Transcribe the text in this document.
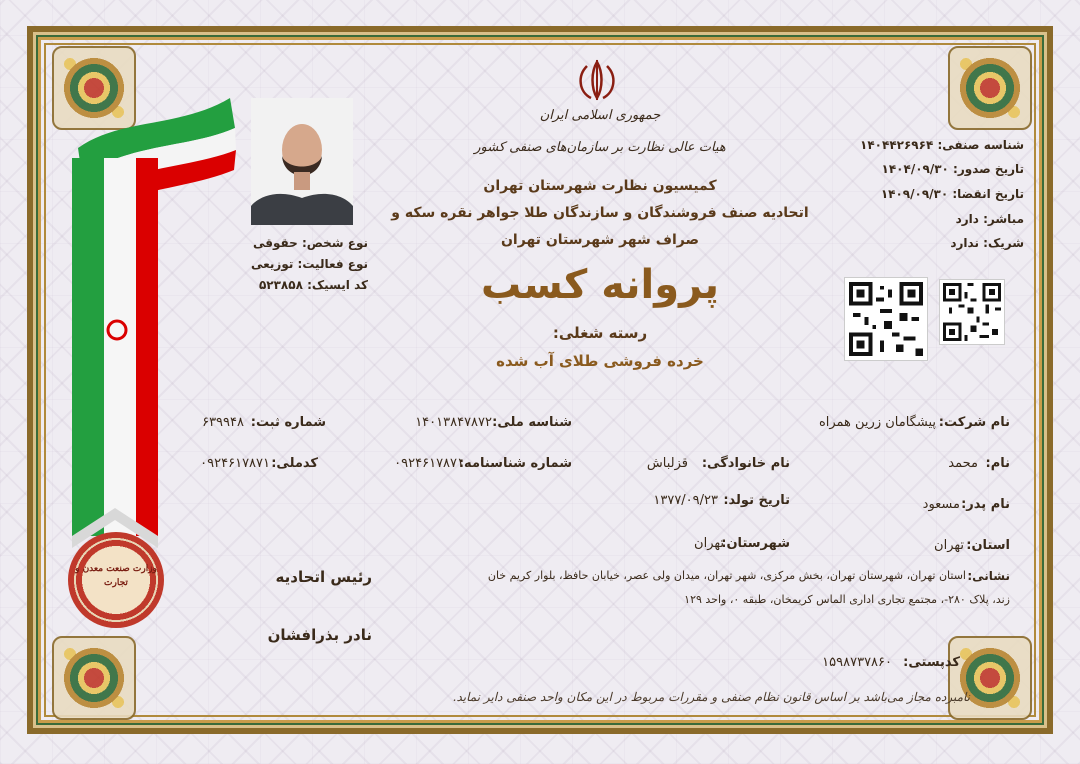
وزارت صنعت معدن و تجارت
جمهوری اسلامی ایران
هیات عالی نظارت بر سازمان‌های صنفی کشور
کمیسیون نظارت شهرستان تهران
اتحادیه صنف فروشندگان و سازندگان طلا جواهر نقره سکه و
صراف شهر شهرستان تهران
پروانه کسب
رسته شغلی:
خرده فروشی طلای آب شده
نوع شخص: حقوقی
نوع فعالیت: توزیعی
کد ایسیک: ۵۲۳۸۵۸
شناسه صنفی: ۱۴۰۴۴۲۶۹۶۴
تاریخ صدور: ۱۴۰۴/۰۹/۳۰
تاریخ انقضا: ۱۴۰۹/۰۹/۳۰
مباشر: دارد
شریک: ندارد
نام شرکت:
پیشگامان زرین همراه
شناسه ملی:
۱۴۰۱۳۸۴۷۸۷۲
شماره ثبت:
۶۳۹۹۴۸
نام:
محمد
نام خانوادگی:
قزلباش
شماره شناسنامه:
۰۹۲۴۶۱۷۸۷۱
کدملی:
۰۹۲۴۶۱۷۸۷۱
نام پدر:
مسعود
تاریخ تولد:
۱۳۷۷/۰۹/۲۳
استان:
تهران
شهرستان:
تهران
نشانی:
استان تهران، شهرستان تهران، بخش مرکزی، شهر تهران، میدان ولی عصر، خیابان حافظ، بلوار کریم خان
زند، پلاک ۲۸۰-، مجتمع تجاری اداری الماس کریمخان، طبقه ۰، واحد ۱۲۹
کدپستی:
۱۵۹۸۷۳۷۸۶۰
رئیس اتحادیه
نادر بذرافشان
نامبرده مجاز می‌باشد بر اساس قانون نظام صنفی و مقررات مربوط در این مکان واحد صنفی دایر نماید.
